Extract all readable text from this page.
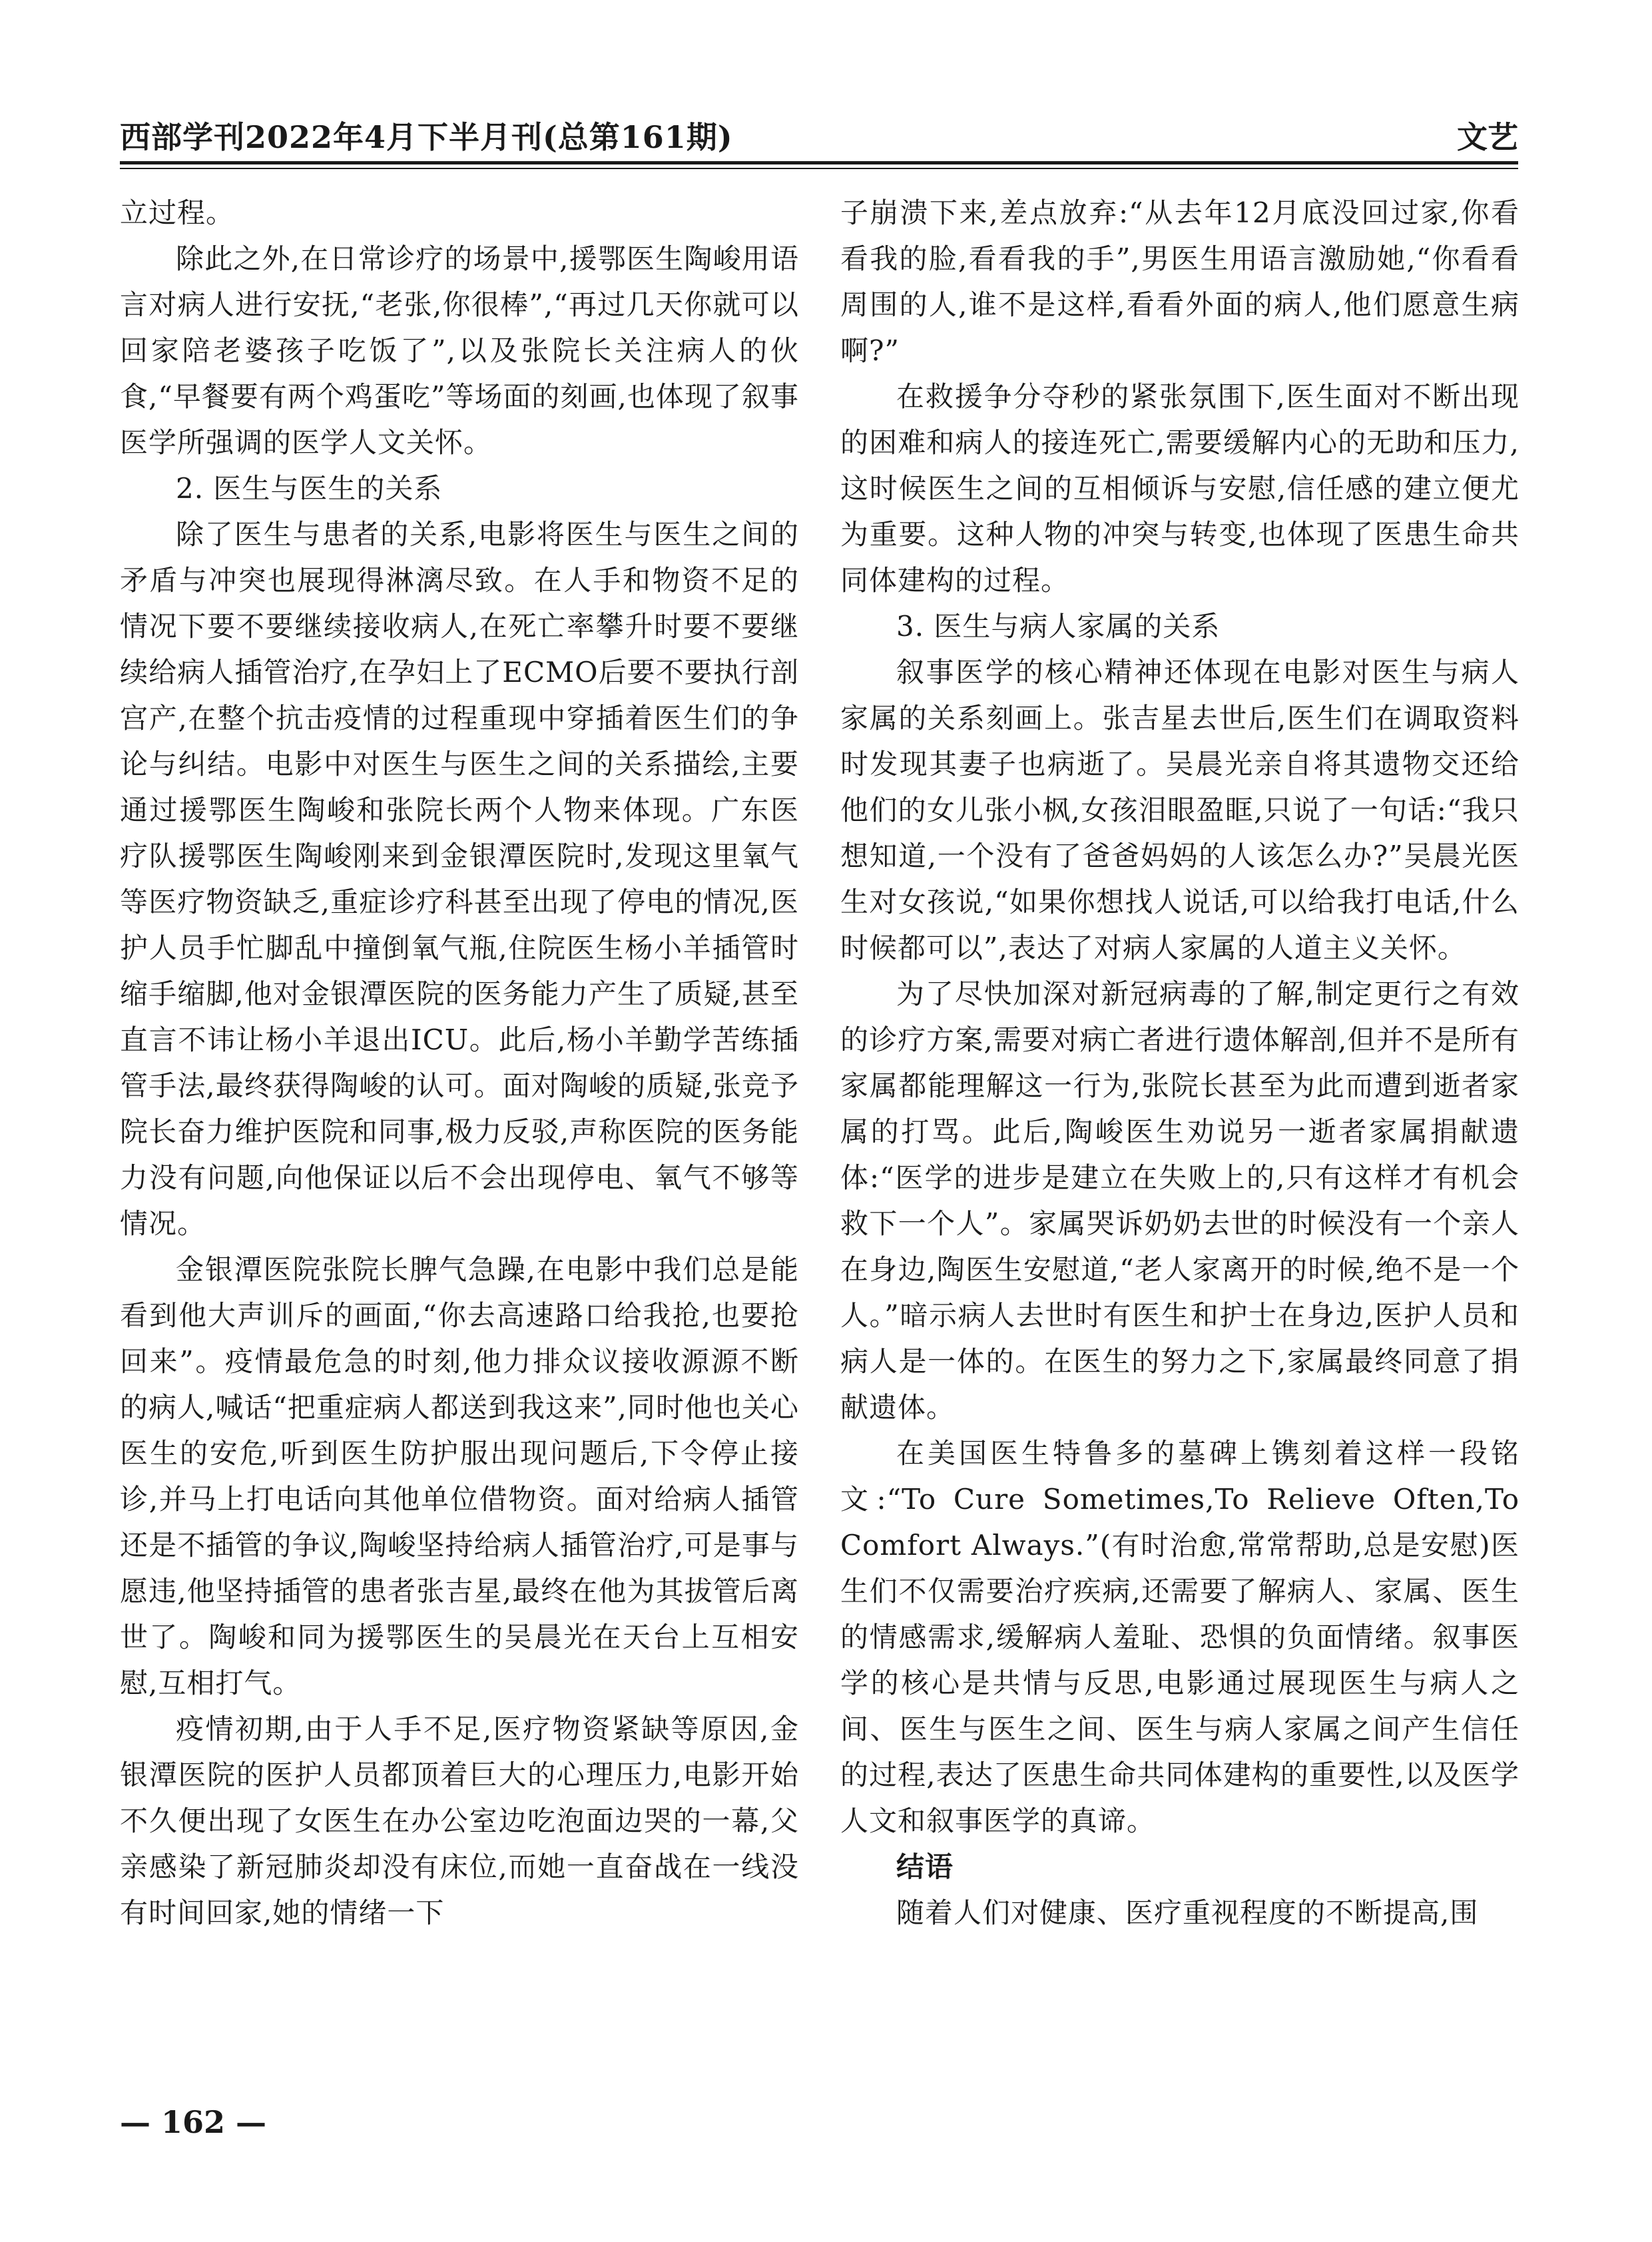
西部学刊2022年4月下半月刊(总第161期)	文艺

立过程。

除此之外,在日常诊疗的场景中,援鄂医生陶峻用语言对病人进行安抚,“老张,你很棒”,“再过几天你就可以回家陪老婆孩子吃饭了”,以及张院长关注病人的伙食,“早餐要有两个鸡蛋吃”等场面的刻画,也体现了叙事医学所强调的医学人文关怀。

2. 医生与医生的关系

除了医生与患者的关系,电影将医生与医生之间的矛盾与冲突也展现得淋漓尽致。在人手和物资不足的情况下要不要继续接收病人,在死亡率攀升时要不要继续给病人插管治疗,在孕妇上了ECMO后要不要执行剖宫产,在整个抗击疫情的过程重现中穿插着医生们的争论与纠结。电影中对医生与医生之间的关系描绘,主要通过援鄂医生陶峻和张院长两个人物来体现。广东医疗队援鄂医生陶峻刚来到金银潭医院时,发现这里氧气等医疗物资缺乏,重症诊疗科甚至出现了停电的情况,医护人员手忙脚乱中撞倒氧气瓶,住院医生杨小羊插管时缩手缩脚,他对金银潭医院的医务能力产生了质疑,甚至直言不讳让杨小羊退出ICU。此后,杨小羊勤学苦练插管手法,最终获得陶峻的认可。面对陶峻的质疑,张竞予院长奋力维护医院和同事,极力反驳,声称医院的医务能力没有问题,向他保证以后不会出现停电、氧气不够等情况。

金银潭医院张院长脾气急躁,在电影中我们总是能看到他大声训斥的画面,“你去高速路口给我抢,也要抢回来”。疫情最危急的时刻,他力排众议接收源源不断的病人,喊话“把重症病人都送到我这来”,同时他也关心医生的安危,听到医生防护服出现问题后,下令停止接诊,并马上打电话向其他单位借物资。面对给病人插管还是不插管的争议,陶峻坚持给病人插管治疗,可是事与愿违,他坚持插管的患者张吉星,最终在他为其拔管后离世了。陶峻和同为援鄂医生的吴晨光在天台上互相安慰,互相打气。

疫情初期,由于人手不足,医疗物资紧缺等原因,金银潭医院的医护人员都顶着巨大的心理压力,电影开始不久便出现了女医生在办公室边吃泡面边哭的一幕,父亲感染了新冠肺炎却没有床位,而她一直奋战在一线没有时间回家,她的情绪一下

子崩溃下来,差点放弃:“从去年12月底没回过家,你看看我的脸,看看我的手”,男医生用语言激励她,“你看看周围的人,谁不是这样,看看外面的病人,他们愿意生病啊?”

在救援争分夺秒的紧张氛围下,医生面对不断出现的困难和病人的接连死亡,需要缓解内心的无助和压力,这时候医生之间的互相倾诉与安慰,信任感的建立便尤为重要。这种人物的冲突与转变,也体现了医患生命共同体建构的过程。

3. 医生与病人家属的关系

叙事医学的核心精神还体现在电影对医生与病人家属的关系刻画上。张吉星去世后,医生们在调取资料时发现其妻子也病逝了。吴晨光亲自将其遗物交还给他们的女儿张小枫,女孩泪眼盈眶,只说了一句话:“我只想知道,一个没有了爸爸妈妈的人该怎么办?”吴晨光医生对女孩说,“如果你想找人说话,可以给我打电话,什么时候都可以”,表达了对病人家属的人道主义关怀。

为了尽快加深对新冠病毒的了解,制定更行之有效的诊疗方案,需要对病亡者进行遗体解剖,但并不是所有家属都能理解这一行为,张院长甚至为此而遭到逝者家属的打骂。此后,陶峻医生劝说另一逝者家属捐献遗体:“医学的进步是建立在失败上的,只有这样才有机会救下一个人”。家属哭诉奶奶去世的时候没有一个亲人在身边,陶医生安慰道,“老人家离开的时候,绝不是一个人。”暗示病人去世时有医生和护士在身边,医护人员和病人是一体的。在医生的努力之下,家属最终同意了捐献遗体。

在美国医生特鲁多的墓碑上镌刻着这样一段铭文:“To Cure Sometimes,To Relieve Often,To Comfort Always.”(有时治愈,常常帮助,总是安慰)医生们不仅需要治疗疾病,还需要了解病人、家属、医生的情感需求,缓解病人羞耻、恐惧的负面情绪。叙事医学的核心是共情与反思,电影通过展现医生与病人之间、医生与医生之间、医生与病人家属之间产生信任的过程,表达了医患生命共同体建构的重要性,以及医学人文和叙事医学的真谛。

结语

随着人们对健康、医疗重视程度的不断提高,围

— 162 —
